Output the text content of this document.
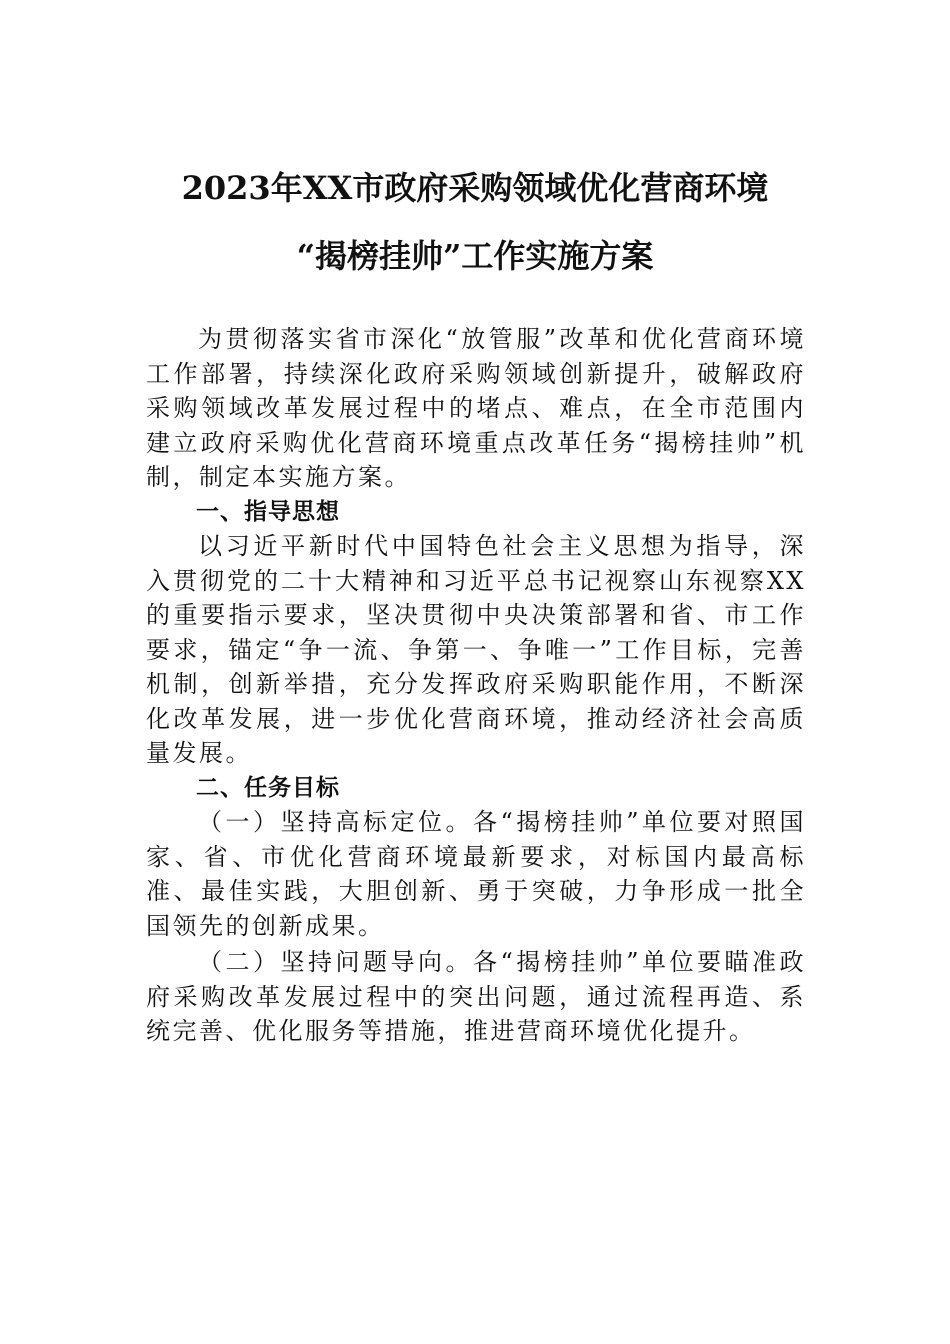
2023年XX市政府采购领域优化营商环境
“揭榜挂帅”工作实施方案

为贯彻落实省市深化“放管服”改革和优化营商环境工作部署，持续深化政府采购领域创新提升，破解政府采购领域改革发展过程中的堵点、难点，在全市范围内建立政府采购优化营商环境重点改革任务“揭榜挂帅”机制，制定本实施方案。

一、指导思想

以习近平新时代中国特色社会主义思想为指导，深入贯彻党的二十大精神和习近平总书记视察山东视察XX的重要指示要求，坚决贯彻中央决策部署和省、市工作要求，锚定“争一流、争第一、争唯一”工作目标，完善机制，创新举措，充分发挥政府采购职能作用，不断深化改革发展，进一步优化营商环境，推动经济社会高质量发展。

二、任务目标

（一）坚持高标定位。各“揭榜挂帅”单位要对照国家、省、市优化营商环境最新要求，对标国内最高标准、最佳实践，大胆创新、勇于突破，力争形成一批全国领先的创新成果。

（二）坚持问题导向。各“揭榜挂帅”单位要瞄准政府采购改革发展过程中的突出问题，通过流程再造、系统完善、优化服务等措施，推进营商环境优化提升。
